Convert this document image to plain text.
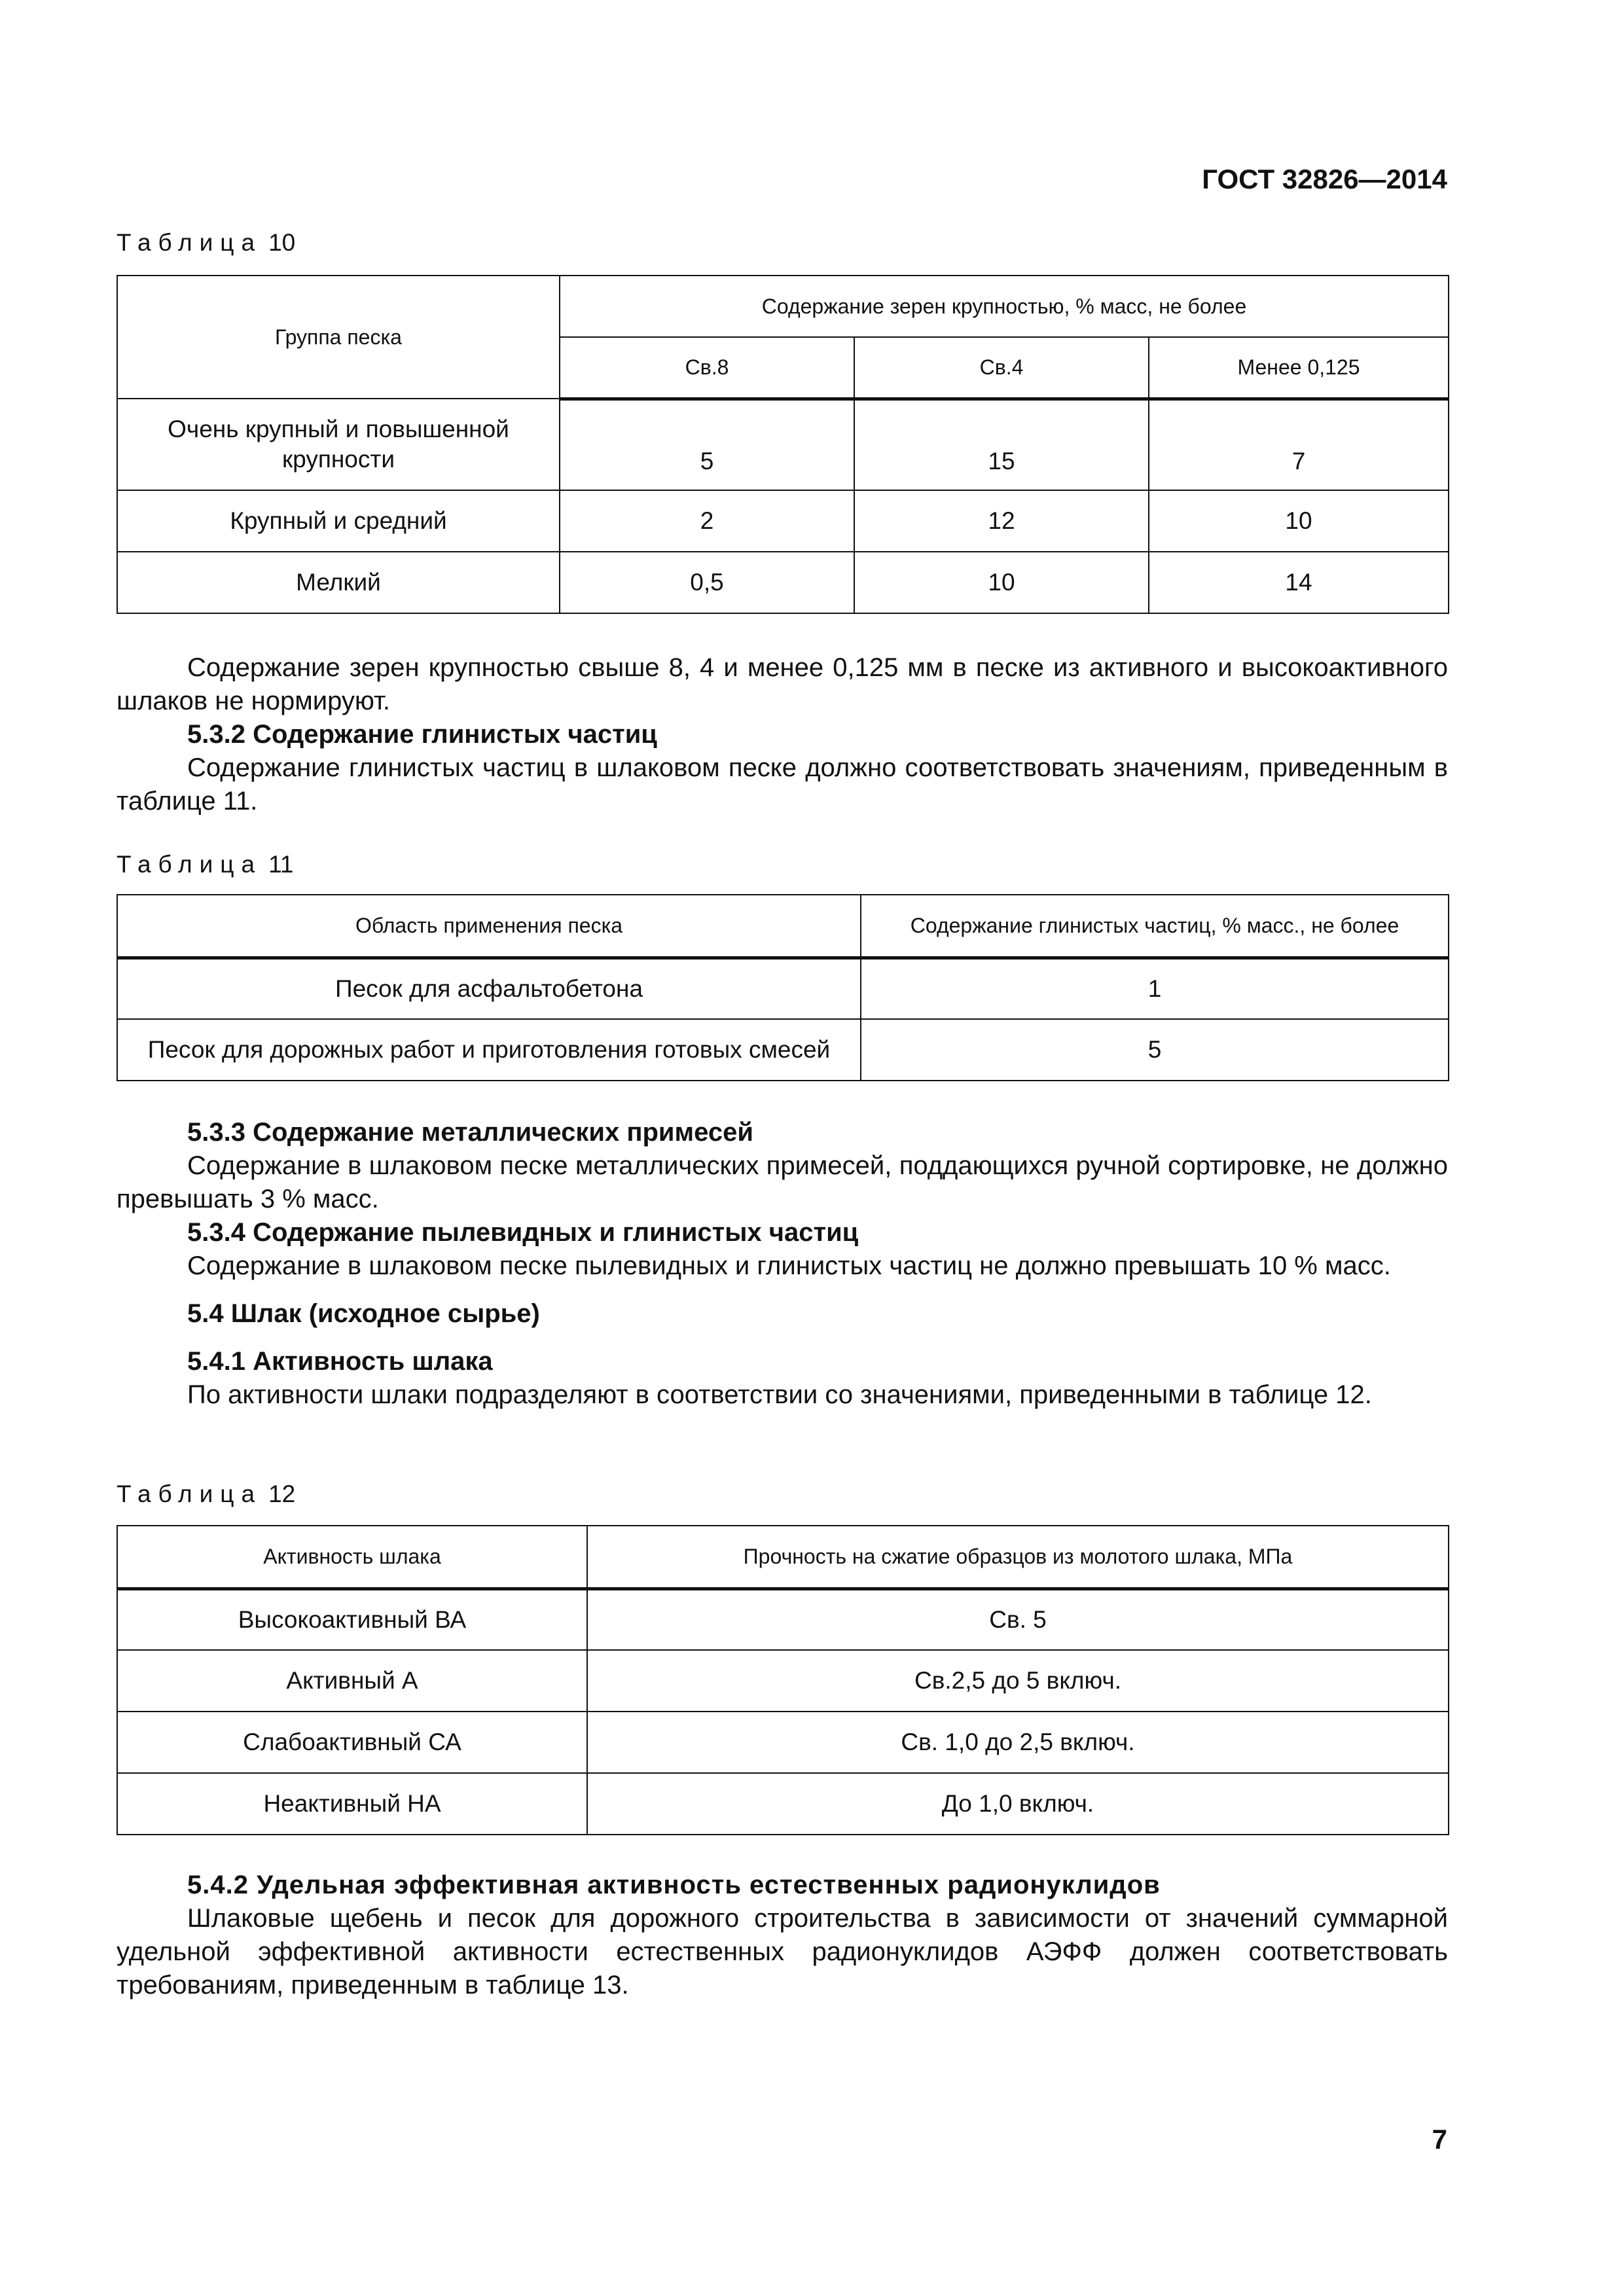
ГОСТ 32826—2014
Таблица 10
Группа песка	Содержание зерен крупностью, % масс, не более		
	Св.8	Св.4	Менее 0,125
Очень крупный и повышенной крупности	5	15	7
Крупный и средний	2	12	10
Мелкий	0,5	10	14

Содержание зерен крупностью свыше 8, 4 и менее 0,125 мм в песке из активного и высокоактивного шлаков не нормируют.

5.3.2 Содержание глинистых частиц

Содержание глинистых частиц в шлаковом песке должно соответствовать значениям, приведенным в таблице 11.

Таблица 11
Область применения песка	Содержание глинистых частиц, % масс., не более
Песок для асфальтобетона	1
Песок для дорожных работ и приготовления готовых смесей	5

5.3.3 Содержание металлических примесей

Содержание в шлаковом песке металлических примесей, поддающихся ручной сортировке, не должно превышать 3 % масс.

5.3.4 Содержание пылевидных и глинистых частиц

Содержание в шлаковом песке пылевидных и глинистых частиц не должно превышать 10 % масс.

5.4 Шлак (исходное сырье)

5.4.1 Активность шлака

По активности шлаки подразделяют в соответствии со значениями, приведенными в таблице 12.

Таблица 12
Активность шлака	Прочность на сжатие образцов из молотого шлака, МПа
Высокоактивный ВА	Св. 5
Активный А	Св.2,5 до 5 включ.
Слабоактивный СА	Св. 1,0 до 2,5 включ.
Неактивный НА	До 1,0 включ.

5.4.2 Удельная эффективная активность естественных радионуклидов

Шлаковые щебень и песок для дорожного строительства в зависимости от значений суммарной удельной эффективной активности естественных радионуклидов АЭФФ должен соответствовать требованиям, приведенным в таблице 13.

7
